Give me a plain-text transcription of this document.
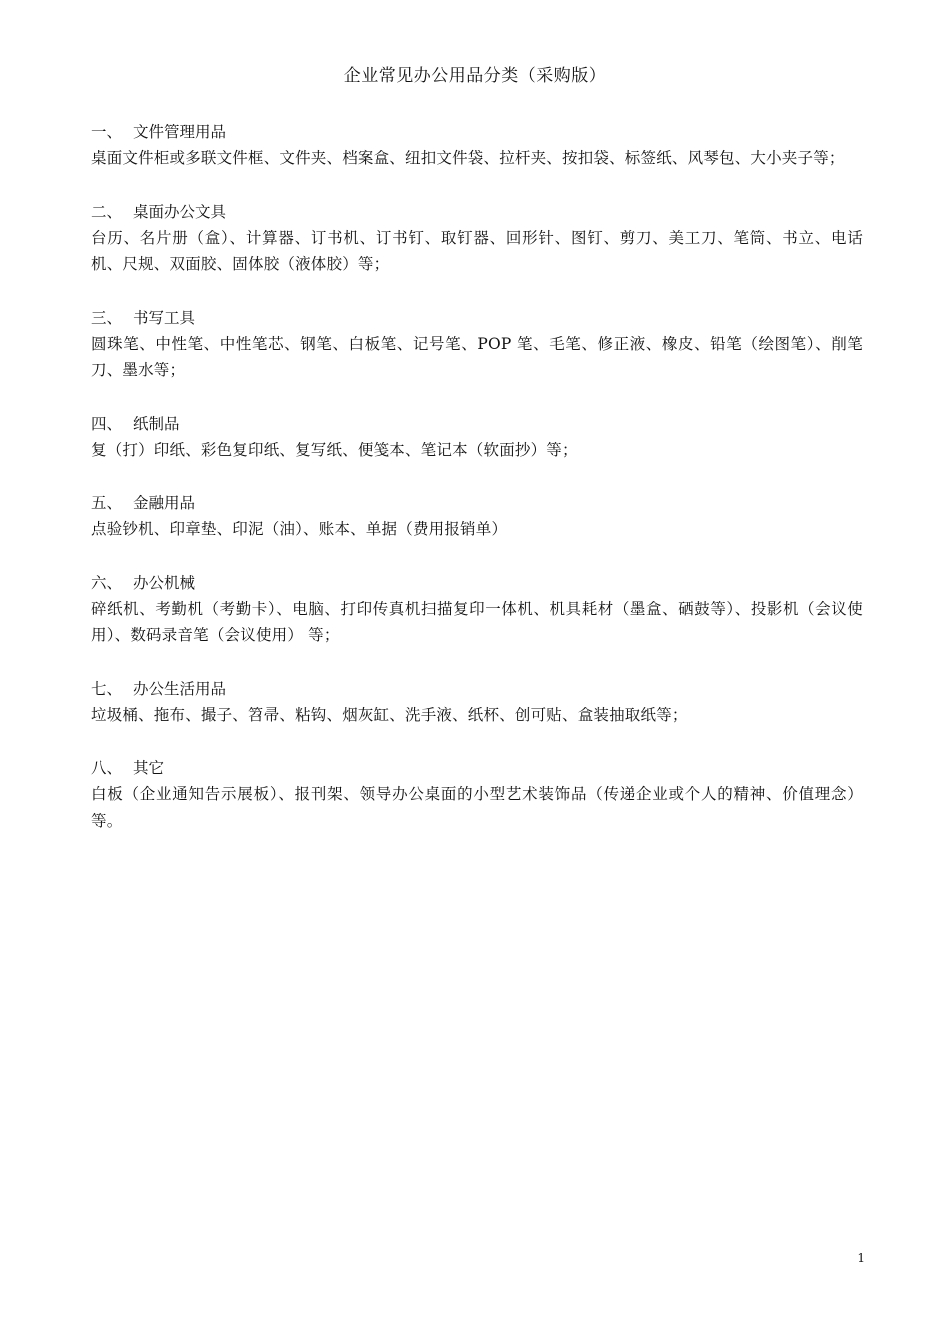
企业常见办公用品分类（采购版）
一、 文件管理用品
桌面文件柜或多联文件框、文件夹、档案盒、纽扣文件袋、拉杆夹、按扣袋、标签纸、风琴包、大小夹子等；
二、 桌面办公文具
台历、名片册（盒）、计算器、订书机、订书钉、取钉器、回形针、图钉、剪刀、美工刀、笔筒、书立、电话机、尺规、双面胶、固体胶（液体胶）等；
三、 书写工具
圆珠笔、中性笔、中性笔芯、钢笔、白板笔、记号笔、POP 笔、毛笔、修正液、橡皮、铅笔（绘图笔）、削笔刀、墨水等；
四、 纸制品
复（打）印纸、彩色复印纸、复写纸、便笺本、笔记本（软面抄）等；
五、 金融用品
点验钞机、印章垫、印泥（油）、账本、单据（费用报销单）
六、 办公机械
碎纸机、考勤机（考勤卡）、电脑、打印传真机扫描复印一体机、机具耗材（墨盒、硒鼓等）、投影机（会议使用）、数码录音笔（会议使用） 等；
七、 办公生活用品
垃圾桶、拖布、撮子、笤帚、粘钩、烟灰缸、洗手液、纸杯、创可贴、盒装抽取纸等；
八、 其它
白板（企业通知告示展板）、报刊架、领导办公桌面的小型艺术装饰品（传递企业或个人的精神、价值理念）等。
1
